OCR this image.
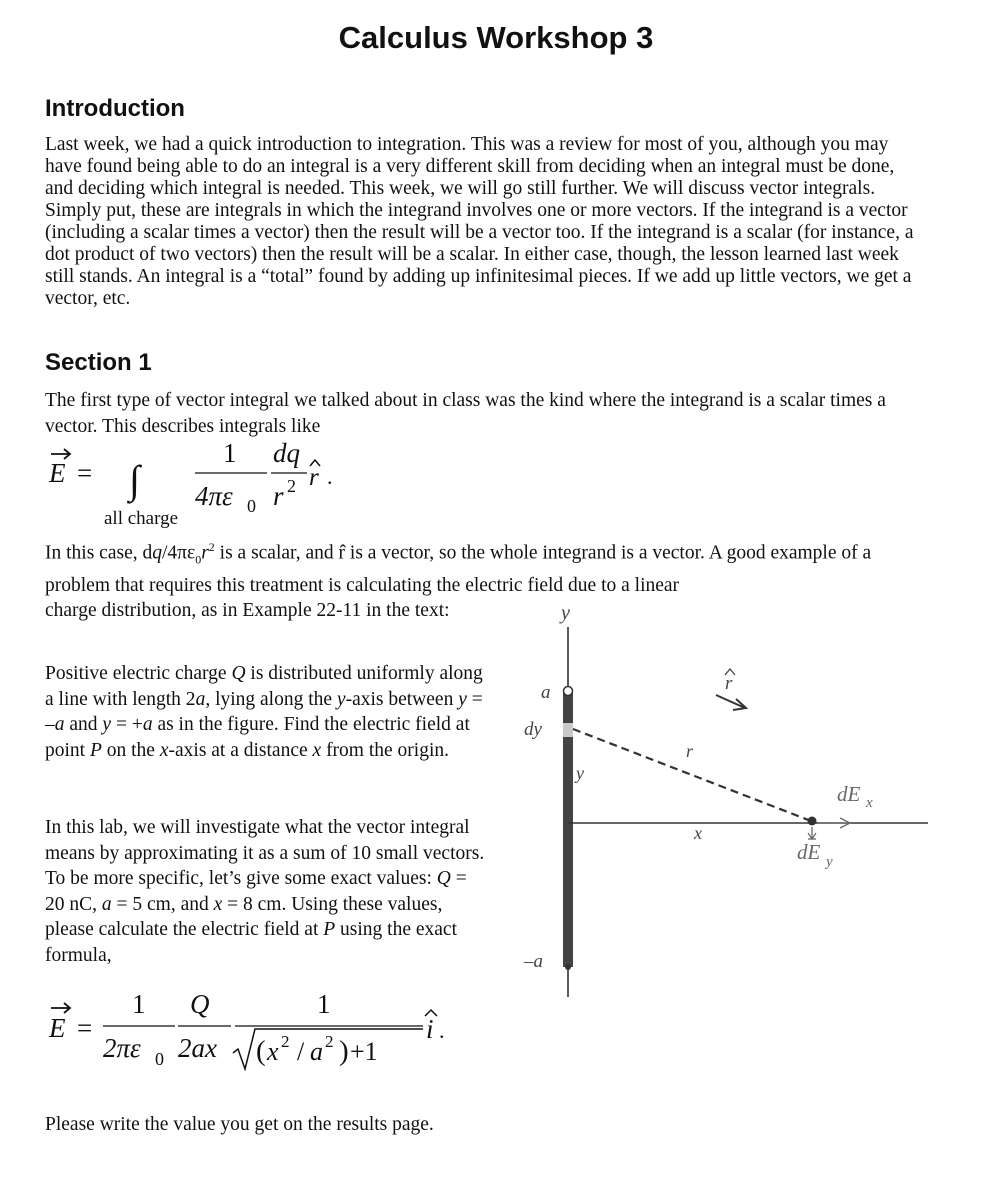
Calculus Workshop 3
Introduction
Last week, we had a quick introduction to integration. This was a review for most of you, although you may have found being able to do an integral is a very different skill from deciding when an integral must be done, and deciding which integral is needed. This week, we will go still further. We will discuss vector integrals. Simply put, these are integrals in which the integrand involves one or more vectors. If the integrand is a vector (including a scalar times a vector) then the result will be a vector too. If the integrand is a scalar (for instance, a dot product of two vectors) then the result will be a scalar. In either case, though, the lesson learned last week still stands. An integral is a “total” found by adding up infinitesimal pieces. If we add up little vectors, we get a vector, etc.
Section 1
The first type of vector integral we talked about in class was the kind where the integrand is a scalar times a vector. This describes integrals like
E = ∫
all charge
1
4πε 0
dq
r 2 r .
In this case, $dq/4\pi\varepsilon_0r^2$ is a scalar, and r̂ is a vector, so the whole integrand is a vector. A good example of a problem that requires this treatment is calculating the electric field due to a linear
charge distribution, as in Example 22-11 in the text:
Positive electric charge Q is distributed uniformly along a line with length 2a, lying along the y-axis between y = –a and y = +a as in the figure. Find the electric field at point P on the x-axis at a distance x from the origin.
In this lab, we will investigate what the vector integral means by approximating it as a sum of 10 small vectors. To be more specific, let’s give some exact values: Q = 20 nC, a = 5 cm, and x = 8 cm. Using these values, please calculate the electric field at P using the exact formula,
y
a
–a
dy
y
r
r
x
dE x
dE y
E =
1
2πε 0
Q
2ax
1
( x 2 / a 2 ) +1
i .
Please write the value you get on the results page.
